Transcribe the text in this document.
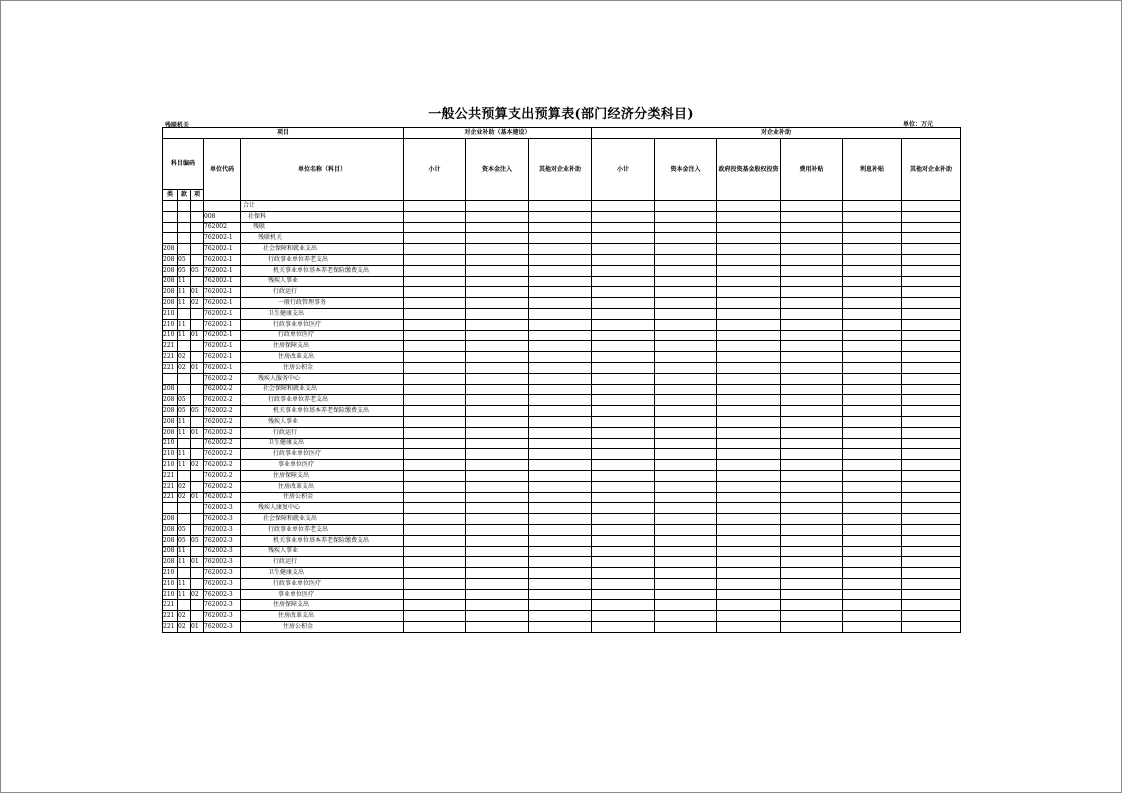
一般公共预算支出预算表(部门经济分类科目)
残联机关	单位：万元
项目					对企业补助（基本建设）			对企业补助					
科目编码			单位代码	单位名称（科目）	小计	资本金注入	其他对企业补助	小计	资本金注入	政府投资基金股权投资	费用补贴	利息补贴	其他对企业补助
类	款	项											
				合计									
			008	社保科									
			762002	残联									
			762002-1	残联机关									
208			762002-1	社会保障和就业支出									
208	05		762002-1	行政事业单位养老支出									
208	05	05	762002-1	机关事业单位基本养老保险缴费支出									
208	11		762002-1	残疾人事业									
208	11	01	762002-1	行政运行									
208	11	02	762002-1	一般行政管理事务									
210			762002-1	卫生健康支出									
210	11		762002-1	行政事业单位医疗									
210	11	01	762002-1	行政单位医疗									
221			762002-1	住房保障支出									
221	02		762002-1	住房改革支出									
221	02	01	762002-1	住房公积金									
			762002-2	残疾人服务中心									
208			762002-2	社会保障和就业支出									
208	05		762002-2	行政事业单位养老支出									
208	05	05	762002-2	机关事业单位基本养老保险缴费支出									
208	11		762002-2	残疾人事业									
208	11	01	762002-2	行政运行									
210			762002-2	卫生健康支出									
210	11		762002-2	行政事业单位医疗									
210	11	02	762002-2	事业单位医疗									
221			762002-2	住房保障支出									
221	02		762002-2	住房改革支出									
221	02	01	762002-2	住房公积金									
			762002-3	残疾人康复中心									
208			762002-3	社会保障和就业支出									
208	05		762002-3	行政事业单位养老支出									
208	05	05	762002-3	机关事业单位基本养老保险缴费支出									
208	11		762002-3	残疾人事业									
208	11	01	762002-3	行政运行									
210			762002-3	卫生健康支出									
210	11		762002-3	行政事业单位医疗									
210	11	02	762002-3	事业单位医疗									
221			762002-3	住房保障支出									
221	02		762002-3	住房改革支出									
221	02	01	762002-3	住房公积金									
